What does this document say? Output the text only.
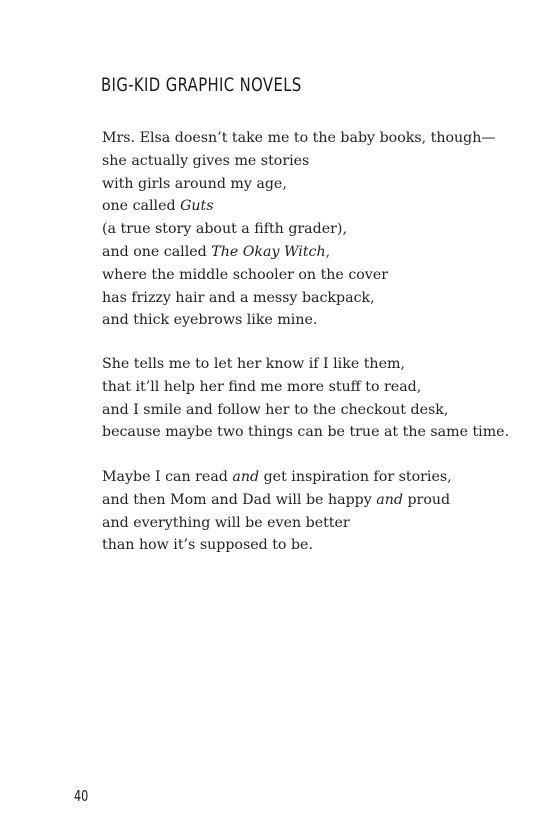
BIG-KID GRAPHIC NOVELS
Mrs. Elsa doesn’t take me to the baby books, though—
she actually gives me stories
with girls around my age,
one called Guts
(a true story about a fifth grader),
and one called The Okay Witch,
where the middle schooler on the cover
has frizzy hair and a messy backpack,
and thick eyebrows like mine.
She tells me to let her know if I like them,
that it’ll help her find me more stuff to read,
and I smile and follow her to the checkout desk,
because maybe two things can be true at the same time.
Maybe I can read and get inspiration for stories,
and then Mom and Dad will be happy and proud
and everything will be even better
than how it’s supposed to be.
40
